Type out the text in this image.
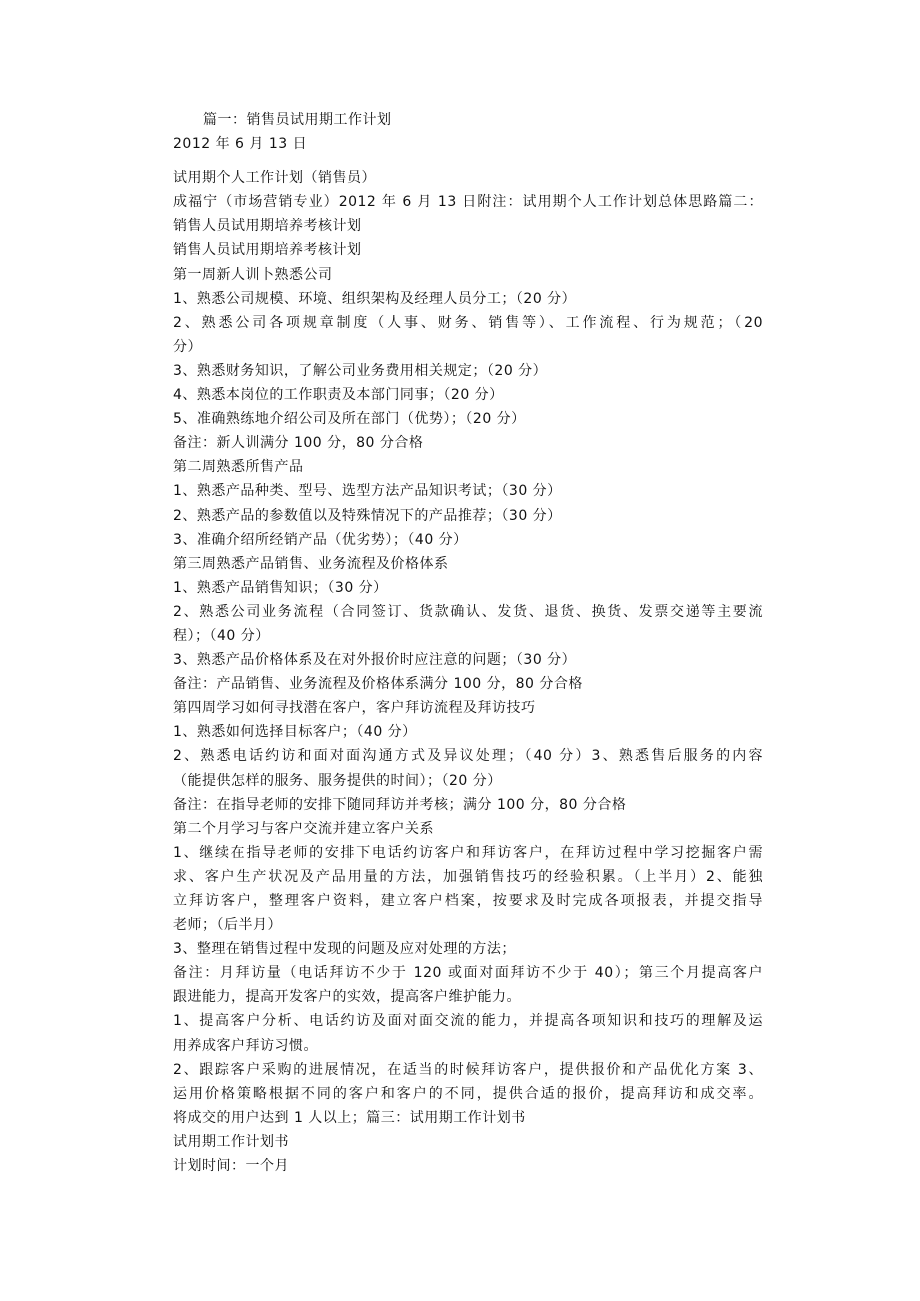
篇一：销售员试用期工作计划
2012 年 6 月 13 日
试用期个人工作计划（销售员）
成福宁（市场营销专业）2012 年 6 月 13 日附注：试用期个人工作计划总体思路篇二：
销售人员试用期培养考核计划
销售人员试用期培养考核计划
第一周新人训卜熟悉公司
1、熟悉公司规模、环境、组织架构及经理人员分工；（20 分）
2、熟悉公司各项规章制度（人事、财务、销售等）、工作流程、行为规范；（20
分）
3、熟悉财务知识，了解公司业务费用相关规定；（20 分）
4、熟悉本岗位的工作职责及本部门同事；（20 分）
5、准确熟练地介绍公司及所在部门（优势）；（20 分）
备注：新人训满分 100 分，80 分合格
第二周熟悉所售产品
1、熟悉产品种类、型号、选型方法产品知识考试；（30 分）
2、熟悉产品的参数值以及特殊情况下的产品推荐；（30 分）
3、准确介绍所经销产品（优劣势）；（40 分）
第三周熟悉产品销售、业务流程及价格体系
1、熟悉产品销售知识；（30 分）
2、熟悉公司业务流程（合同签订、货款确认、发货、退货、换货、发票交递等主要流
程）；（40 分）
3、熟悉产品价格体系及在对外报价时应注意的问题；（30 分）
备注：产品销售、业务流程及价格体系满分 100 分，80 分合格
第四周学习如何寻找潜在客户，客户拜访流程及拜访技巧
1、熟悉如何选择目标客户；（40 分）
2、熟悉电话约访和面对面沟通方式及异议处理；（40 分）3、熟悉售后服务的内容
（能提供怎样的服务、服务提供的时间）；（20 分）
备注：在指导老师的安排下随同拜访并考核；满分 100 分，80 分合格
第二个月学习与客户交流并建立客户关系
1、继续在指导老师的安排下电话约访客户和拜访客户，在拜访过程中学习挖掘客户需
求、客户生产状况及产品用量的方法，加强销售技巧的经验积累。（上半月）2、能独
立拜访客户，整理客户资料，建立客户档案，按要求及时完成各项报表，并提交指导
老师；（后半月）
3、整理在销售过程中发现的问题及应对处理的方法；
备注：月拜访量（电话拜访不少于 120 或面对面拜访不少于 40）；第三个月提高客户
跟进能力，提高开发客户的实效，提高客户维护能力。
1、提高客户分析、电话约访及面对面交流的能力，并提高各项知识和技巧的理解及运
用养成客户拜访习惯。
2、跟踪客户采购的进展情况，在适当的时候拜访客户，提供报价和产品优化方案 3、
运用价格策略根据不同的客户和客户的不同，提供合适的报价，提高拜访和成交率。
将成交的用户达到 1 人以上；篇三：试用期工作计划书
试用期工作计划书
计划时间：一个月
